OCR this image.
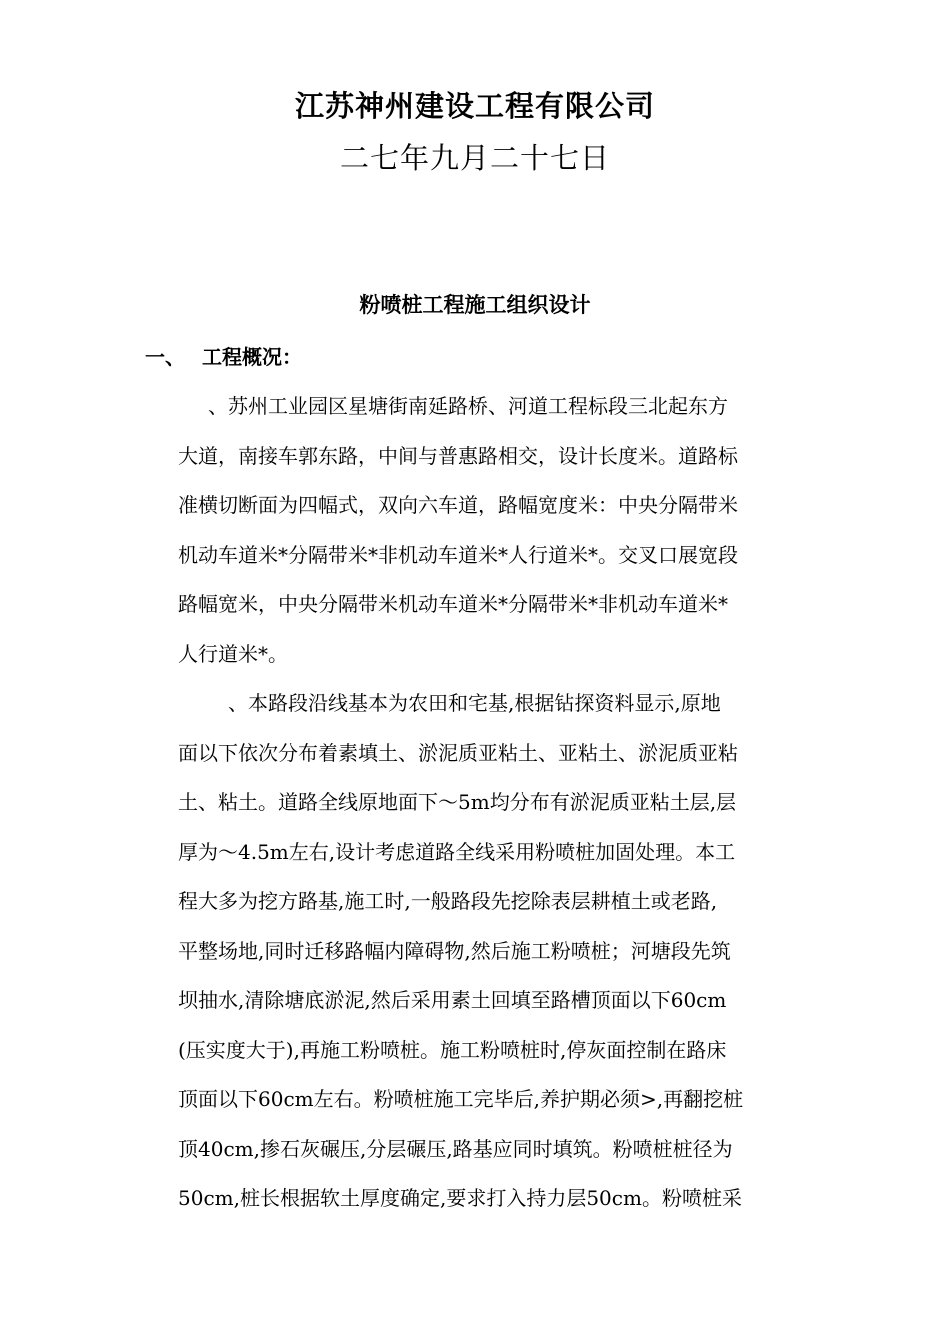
江苏神州建设工程有限公司
二七年九月二十七日
粉喷桩工程施工组织设计
一、 工程概况：
、苏州工业园区星塘街南延路桥、河道工程标段三北起东方
大道，南接车郭东路，中间与普惠路相交，设计长度米。道路标
准横切断面为四幅式，双向六车道，路幅宽度米：中央分隔带米
机动车道米*分隔带米*非机动车道米*人行道米*。交叉口展宽段
路幅宽米，中央分隔带米机动车道米*分隔带米*非机动车道米*
人行道米*。
、本路段沿线基本为农田和宅基,根据钻探资料显示,原地
面以下依次分布着素填土、淤泥质亚粘土、亚粘土、淤泥质亚粘
土、粘土。道路全线原地面下～5m均分布有淤泥质亚粘土层,层
厚为～4.5m左右,设计考虑道路全线采用粉喷桩加固处理。本工
程大多为挖方路基,施工时,一般路段先挖除表层耕植土或老路,
平整场地,同时迁移路幅内障碍物,然后施工粉喷桩；河塘段先筑
坝抽水,清除塘底淤泥,然后采用素土回填至路槽顶面以下60cm
(压实度大于),再施工粉喷桩。施工粉喷桩时,停灰面控制在路床
顶面以下60cm左右。粉喷桩施工完毕后,养护期必须>,再翻挖桩
顶40cm,掺石灰碾压,分层碾压,路基应同时填筑。粉喷桩桩径为
50cm,桩长根据软土厚度确定,要求打入持力层50cm。粉喷桩采
